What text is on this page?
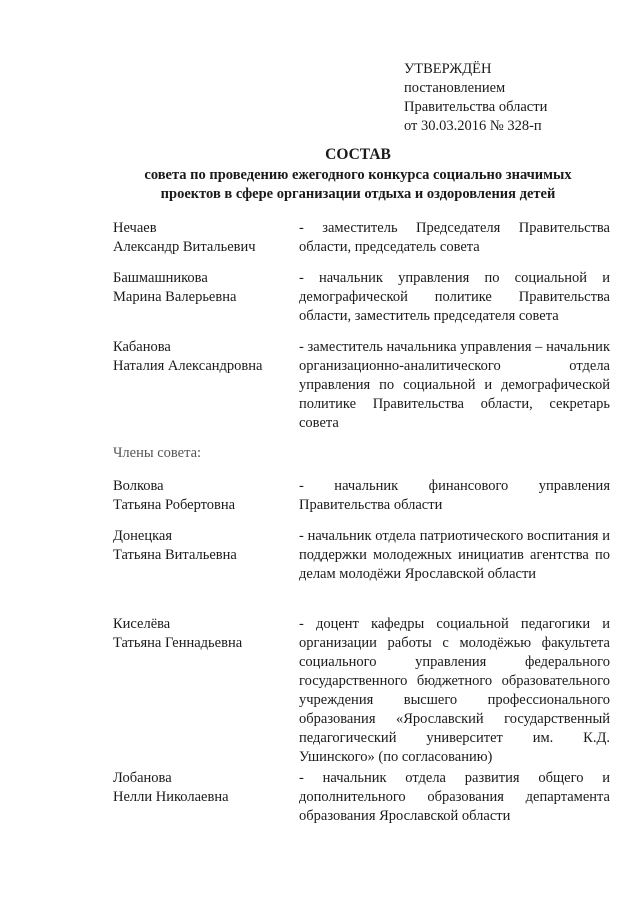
УТВЕРЖДЁН
постановлением
Правительства области
от 30.03.2016 № 328-п
СОСТАВ
совета по проведению ежегодного конкурса социально значимых
проектов в сфере организации отдыха и оздоровления детей
Нечаев
Александр Витальевич
- заместитель Председателя Правительства области, председатель совета
Башмашникова
Марина Валерьевна
- начальник управления по социальной и демографической политике Правительства области, заместитель председателя совета
Кабанова
Наталия Александровна
- заместитель начальника управления – начальник организационно-аналитического отдела управления по социальной и демографической политике Правительства области, секретарь совета
Члены совета:
Волкова
Татьяна Робертовна
- начальник финансового управления Правительства области
Донецкая
Татьяна Витальевна
- начальник отдела патриотического воспитания и поддержки молодежных инициатив агентства по делам молодёжи Ярославской области
Киселёва
Татьяна Геннадьевна
- доцент кафедры социальной педагогики и организации работы с молодёжью факультета социального управления федерального государственного бюджетного образовательного учреждения высшего профессионального образования «Ярославский государственный педагогический университет им. К.Д. Ушинского» (по согласованию)
Лобанова
Нелли Николаевна
- начальник отдела развития общего и дополнительного образования департамента образования Ярославской области
